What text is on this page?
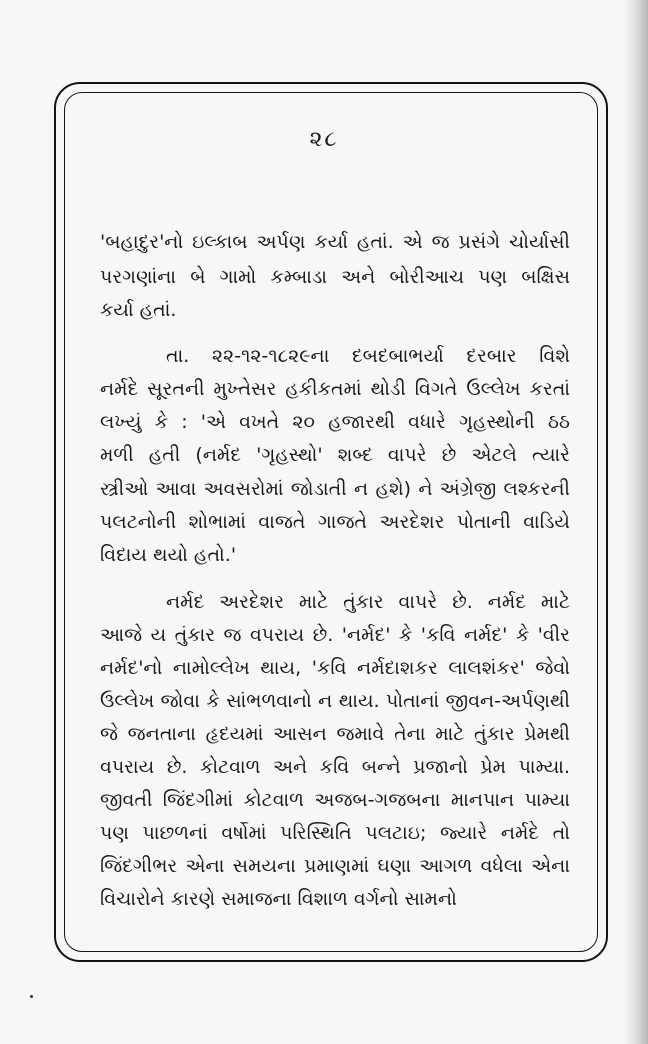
૨૮
'બહાદુર'નો ઇલ્કાબ અર્પણ કર્યા હતાં. એ જ પ્રસંગે ચોર્યાસી
પરગણાંના બે ગામો કમ્બાડા અને બોરીઆચ પણ બક્ષિસ
કર્યા હતાં.
તા. ૨૨-૧૨-૧૮૨૯ના દબદબાભર્યા દરબાર વિશે
નર્મદે સૂરતની મુખ્તેસર હકીકતમાં થોડી વિગતે ઉલ્લેખ કરતાં
લખ્યું કે : 'એ વખતે ૨૦ હજારથી વધારે ગૃહસ્થોની ઠઠ
મળી હતી (નર્મદ 'ગૃહસ્થો' શબ્દ વાપરે છે એટલે ત્યારે
સ્ત્રીઓ આવા અવસરોમાં જોડાતી ન હશે) ને અંગ્રેજી લશ્કરની
પલટનોની શોભામાં વાજતે ગાજતે અરદેશર પોતાની વાડિયે
વિદાય થયો હતો.'
નર્મદ અરદેશર માટે તુંકાર વાપરે છે. નર્મદ માટે
આજે ય તુંકાર જ વપરાય છે. 'નર્મદ' કે 'કવિ નર્મદ' કે 'વીર
નર્મદ'નો નામોલ્લેખ થાય, 'કવિ નર્મદાશકર લાલશંકર' જેવો
ઉલ્લેખ જોવા કે સાંભળવાનો ન થાય. પોતાનાં જીવન-અર્પણથી
જે જનતાના હૃદયમાં આસન જમાવે તેના માટે તુંકાર પ્રેમથી
વપરાય છે. કોટવાળ અને કવિ બન્ને પ્રજાનો પ્રેમ પામ્યા.
જીવતી જિંદગીમાં કોટવાળ અજબ-ગજબના માનપાન પામ્યા
પણ પાછળનાં વર્ષોમાં પરિસ્થિતિ પલટાઇ; જ્યારે નર્મદે તો
જિંદગીભર એના સમયના પ્રમાણમાં ઘણા આગળ વધેલા એના
વિચારોને કારણે સમાજના વિશાળ વર્ગનો સામનો
